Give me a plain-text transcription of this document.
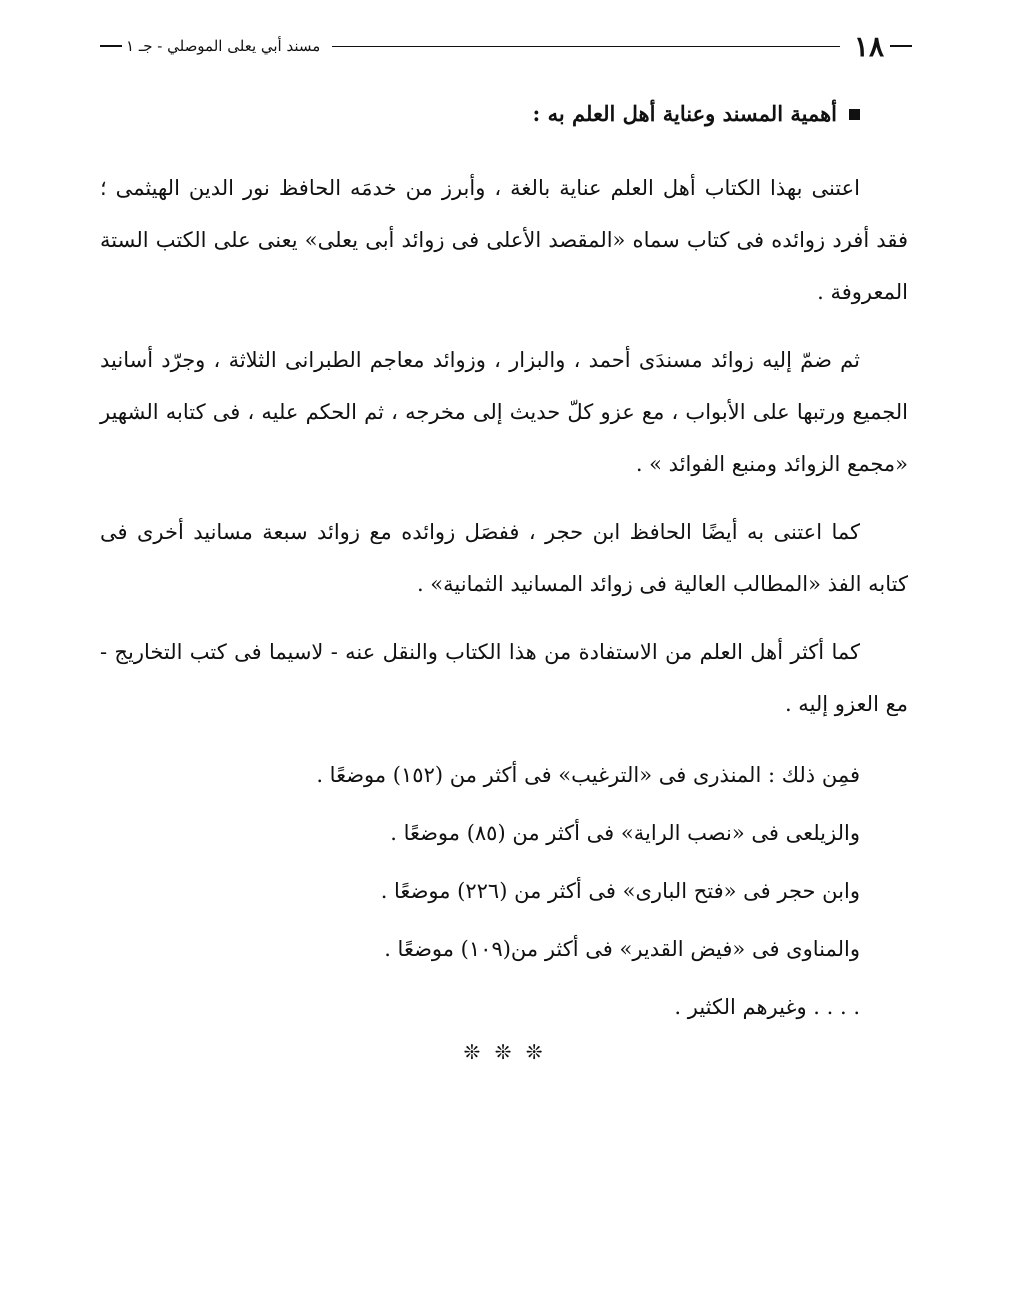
١٨
مسند أبي يعلى الموصلي - جـ ١
أهمية المسند وعناية أهل العلم به :

اعتنى بهذا الكتاب أهل العلم عناية بالغة ، وأبرز من خدمَه الحافظ نور الدين الهيثمى ؛ فقد أفرد زوائده فى كتاب سماه «المقصد الأعلى فى زوائد أبى يعلى» يعنى على الكتب الستة المعروفة .

ثم ضمّ إليه زوائد مسندَى أحمد ، والبزار ، وزوائد معاجم الطبرانى الثلاثة ، وجرّد أسانيد الجميع ورتبها على الأبواب ، مع عزو كلّ حديث إلى مخرجه ، ثم الحكم عليه ، فى كتابه الشهير «مجمع الزوائد ومنبع الفوائد » .

كما اعتنى به أيضًا الحافظ ابن حجر ، ففصَل زوائده مع زوائد سبعة مسانيد أخرى فى كتابه الفذ «المطالب العالية فى زوائد المسانيد الثمانية» .

كما أكثر أهل العلم من الاستفادة من هذا الكتاب والنقل عنه - لاسيما فى كتب التخاريج - مع العزو إليه .

فمِن ذلك : المنذرى فى «الترغيب» فى أكثر من (١٥٢) موضعًا .
والزيلعى فى «نصب الراية» فى أكثر من (٨٥) موضعًا .
وابن حجر فى «فتح البارى» فى أكثر من (٢٢٦) موضعًا .
والمناوى فى «فيض القدير» فى أكثر من(١٠٩) موضعًا .
. . . . وغيرهم الكثير .
❊ ❊ ❊
